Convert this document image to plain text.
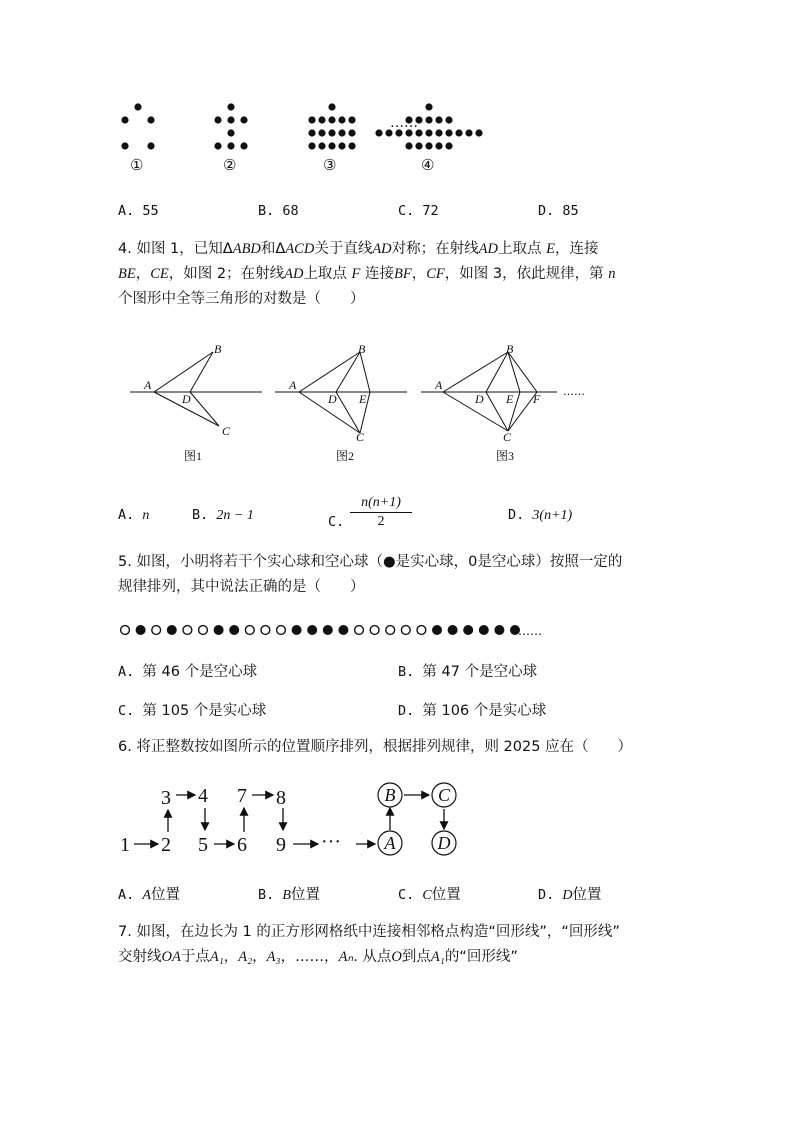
……
①	②	③	④
A. 55	B. 68	C. 72	D. 85
4. 如图 1，已知ΔABD和ΔACD关于直线AD对称；在射线AD上取点 E，连接
BE，CE，如图 2；在射线AD上取点 F 连接BF，CF，如图 3，依此规律，第 n
个图形中全等三角形的对数是（　　）
A
B
D
C
图1
A
B
D E
C
图2
A
B
D E F
C
图3
……
A. n	B. 2n − 1	C. $\frac{n(n+1)}{2}$	D. 3(n+1)
5. 如图，小明将若干个实心球和空心球（●是实心球，0是空心球）按照一定的
规律排列，其中说法正确的是（　　）
……
A. 第 46 个是空心球	B. 第 47 个是空心球
C. 第 105 个是实心球	D. 第 106 个是实心球
6. 将正整数按如图所示的位置顺序排列，根据排列规律，则 2025 应在（　　）
1 2
3 4
5 6
7 8
9 ··· A
B C
D
A. A位置	B. B位置	C. C位置	D. D位置
7. 如图，在边长为 1 的正方形网格纸中连接相邻格点构造“回形线”，“回形线”
交射线OA于点A₁，A₂，A₃，……，Aₙ. 从点O到点A₁的“回形线”
